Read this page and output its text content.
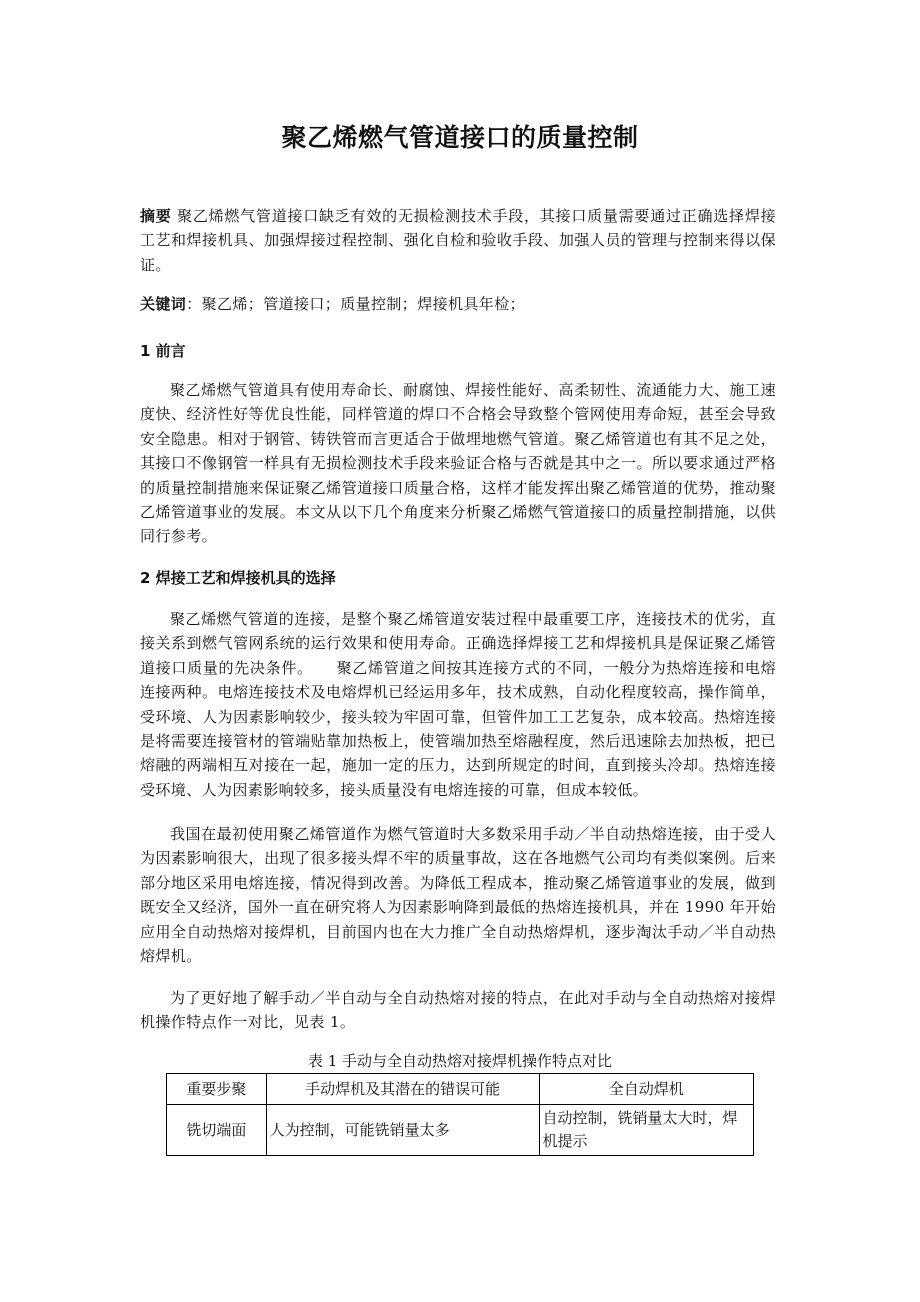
聚乙烯燃气管道接口的质量控制
摘要 聚乙烯燃气管道接口缺乏有效的无损检测技术手段，其接口质量需要通过正确选择焊接工艺和焊接机具、加强焊接过程控制、强化自检和验收手段、加强人员的管理与控制来得以保证。
关键词：聚乙烯；管道接口；质量控制；焊接机具年检；
1 前言
聚乙烯燃气管道具有使用寿命长、耐腐蚀、焊接性能好、高柔韧性、流通能力大、施工速度快、经济性好等优良性能，同样管道的焊口不合格会导致整个管网使用寿命短，甚至会导致安全隐患。相对于钢管、铸铁管而言更适合于做埋地燃气管道。聚乙烯管道也有其不足之处，其接口不像钢管一样具有无损检测技术手段来验证合格与否就是其中之一。所以要求通过严格的质量控制措施来保证聚乙烯管道接口质量合格，这样才能发挥出聚乙烯管道的优势，推动聚乙烯管道事业的发展。本文从以下几个角度来分析聚乙烯燃气管道接口的质量控制措施，以供同行参考。
2 焊接工艺和焊接机具的选择
聚乙烯燃气管道的连接，是整个聚乙烯管道安装过程中最重要工序，连接技术的优劣，直接关系到燃气管网系统的运行效果和使用寿命。正确选择焊接工艺和焊接机具是保证聚乙烯管道接口质量的先决条件。　　聚乙烯管道之间按其连接方式的不同，一般分为热熔连接和电熔连接两种。电熔连接技术及电熔焊机已经运用多年，技术成熟，自动化程度较高，操作简单，受环境、人为因素影响较少，接头较为牢固可靠，但管件加工工艺复杂，成本较高。热熔连接是将需要连接管材的管端贴靠加热板上，使管端加热至熔融程度，然后迅速除去加热板，把已熔融的两端相互对接在一起，施加一定的压力，达到所规定的时间，直到接头冷却。热熔连接受环境、人为因素影响较多，接头质量没有电熔连接的可靠，但成本较低。
我国在最初使用聚乙烯管道作为燃气管道时大多数采用手动／半自动热熔连接，由于受人为因素影响很大，出现了很多接头焊不牢的质量事故，这在各地燃气公司均有类似案例。后来部分地区采用电熔连接，情况得到改善。为降低工程成本，推动聚乙烯管道事业的发展，做到既安全又经济，国外一直在研究将人为因素影响降到最低的热熔连接机具，并在 1990 年开始应用全自动热熔对接焊机，目前国内也在大力推广全自动热熔焊机，逐步淘汰手动／半自动热熔焊机。
为了更好地了解手动／半自动与全自动热熔对接的特点，在此对手动与全自动热熔对接焊机操作特点作一对比，见表 1。
表 1 手动与全自动热熔对接焊机操作特点对比
重要步聚	手动焊机及其潜在的错误可能	全自动焊机
铣切端面	人为控制，可能铣销量太多	自动控制，铣销量太大时，焊机提示
